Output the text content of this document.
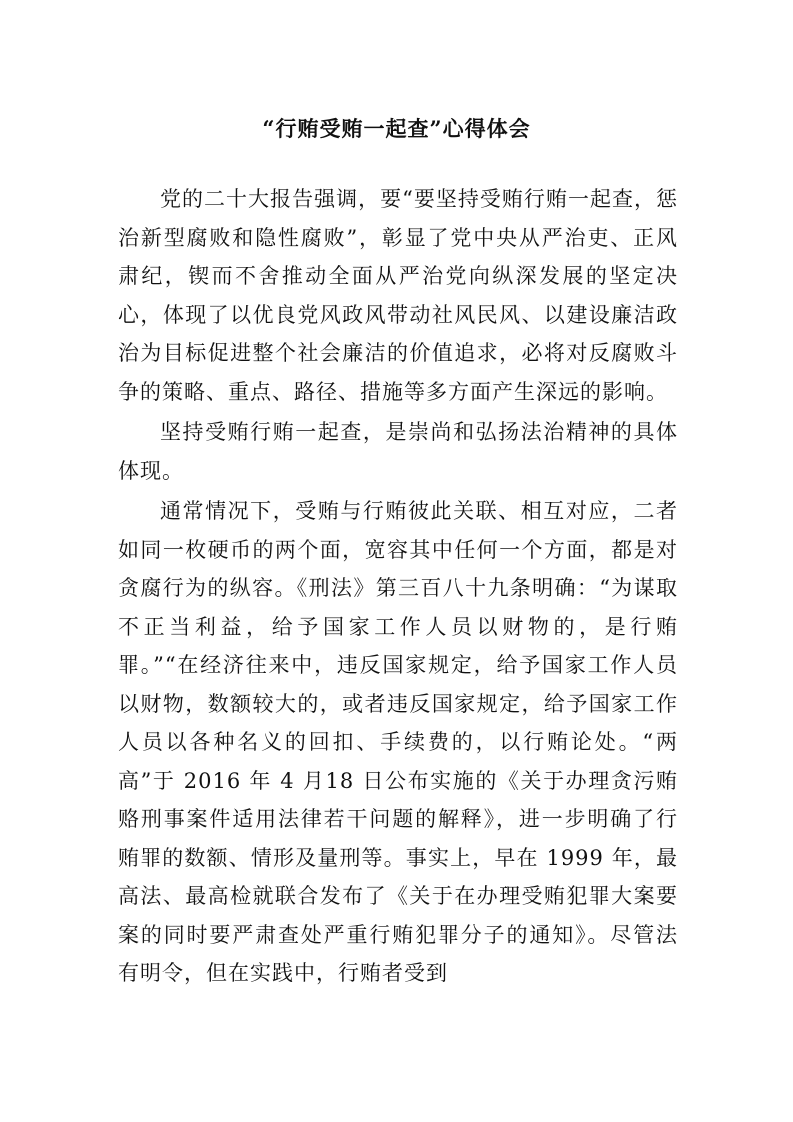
“行贿受贿一起查”心得体会

党的二十大报告强调，要“要坚持受贿行贿一起查，惩治新型腐败和隐性腐败”，彰显了党中央从严治吏、正风肃纪，锲而不舍推动全面从严治党向纵深发展的坚定决心，体现了以优良党风政风带动社风民风、以建设廉洁政治为目标促进整个社会廉洁的价值追求，必将对反腐败斗争的策略、重点、路径、措施等多方面产生深远的影响。

坚持受贿行贿一起查，是崇尚和弘扬法治精神的具体体现。

通常情况下，受贿与行贿彼此关联、相互对应，二者如同一枚硬币的两个面，宽容其中任何一个方面，都是对贪腐行为的纵容。《刑法》第三百八十九条明确：“为谋取不正当利益，给予国家工作人员以财物的，是行贿罪。”“在经济往来中，违反国家规定，给予国家工作人员以财物，数额较大的，或者违反国家规定，给予国家工作人员以各种名义的回扣、手续费的，以行贿论处。“两高”于 2016 年 4 月18 日公布实施的《关于办理贪污贿赂刑事案件适用法律若干问题的解释》，进一步明确了行贿罪的数额、情形及量刑等。事实上，早在 1999 年，最高法、最高检就联合发布了《关于在办理受贿犯罪大案要案的同时要严肃查处严重行贿犯罪分子的通知》。尽管法有明令，但在实践中，行贿者受到
